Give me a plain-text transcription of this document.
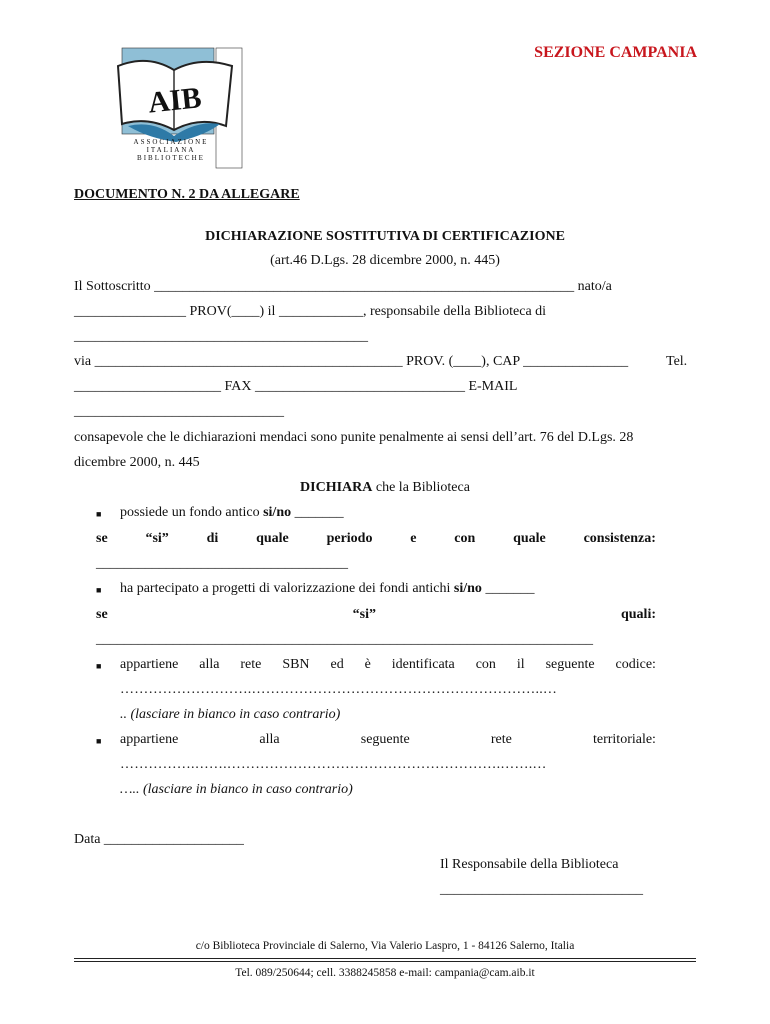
AIB
ASSOCIAZIONE
ITALIANA
BIBLIOTECHE
SEZIONE CAMPANIA
DOCUMENTO N. 2 DA ALLEGARE
DICHIARAZIONE SOSTITUTIVA DI CERTIFICAZIONE
(art.46 D.Lgs. 28 dicembre 2000, n. 445)
Il Sottoscritto ____________________________________________________________ nato/a
________________ PROV(____) il ____________, responsabile della Biblioteca di
__________________________________________
via ____________________________________________ PROV. (____), CAP _______________	Tel.
_____________________ FAX ______________________________ E-MAIL
______________________________
consapevole che le dichiarazioni mendaci sono punite penalmente ai sensi dell’art. 76 del D.Lgs. 28
dicembre 2000, n. 445
DICHIARA che la Biblioteca
■ possiede un fondo antico si/no _______
se	“si”	di	quale	periodo	e	con	quale	consistenza:
____________________________________
■ ha partecipato a progetti di valorizzazione dei fondi antichi si/no _______
se	“si”	quali:
_______________________________________________________________________
■ appartiene alla rete SBN ed è identificata con il seguente codice:
……………………….……………………………………………………..…
.. (lasciare in bianco in caso contrario)
■ appartiene	alla	seguente	rete	territoriale:
…………….…….………………………………………………….…….…
….. (lasciare in bianco in caso contrario)
Data ____________________
Il Responsabile della Biblioteca
_____________________________
c/o Biblioteca Provinciale di Salerno, Via Valerio Laspro, 1 - 84126 Salerno, Italia
Tel. 089/250644; cell. 3388245858 e-mail: campania@cam.aib.it
